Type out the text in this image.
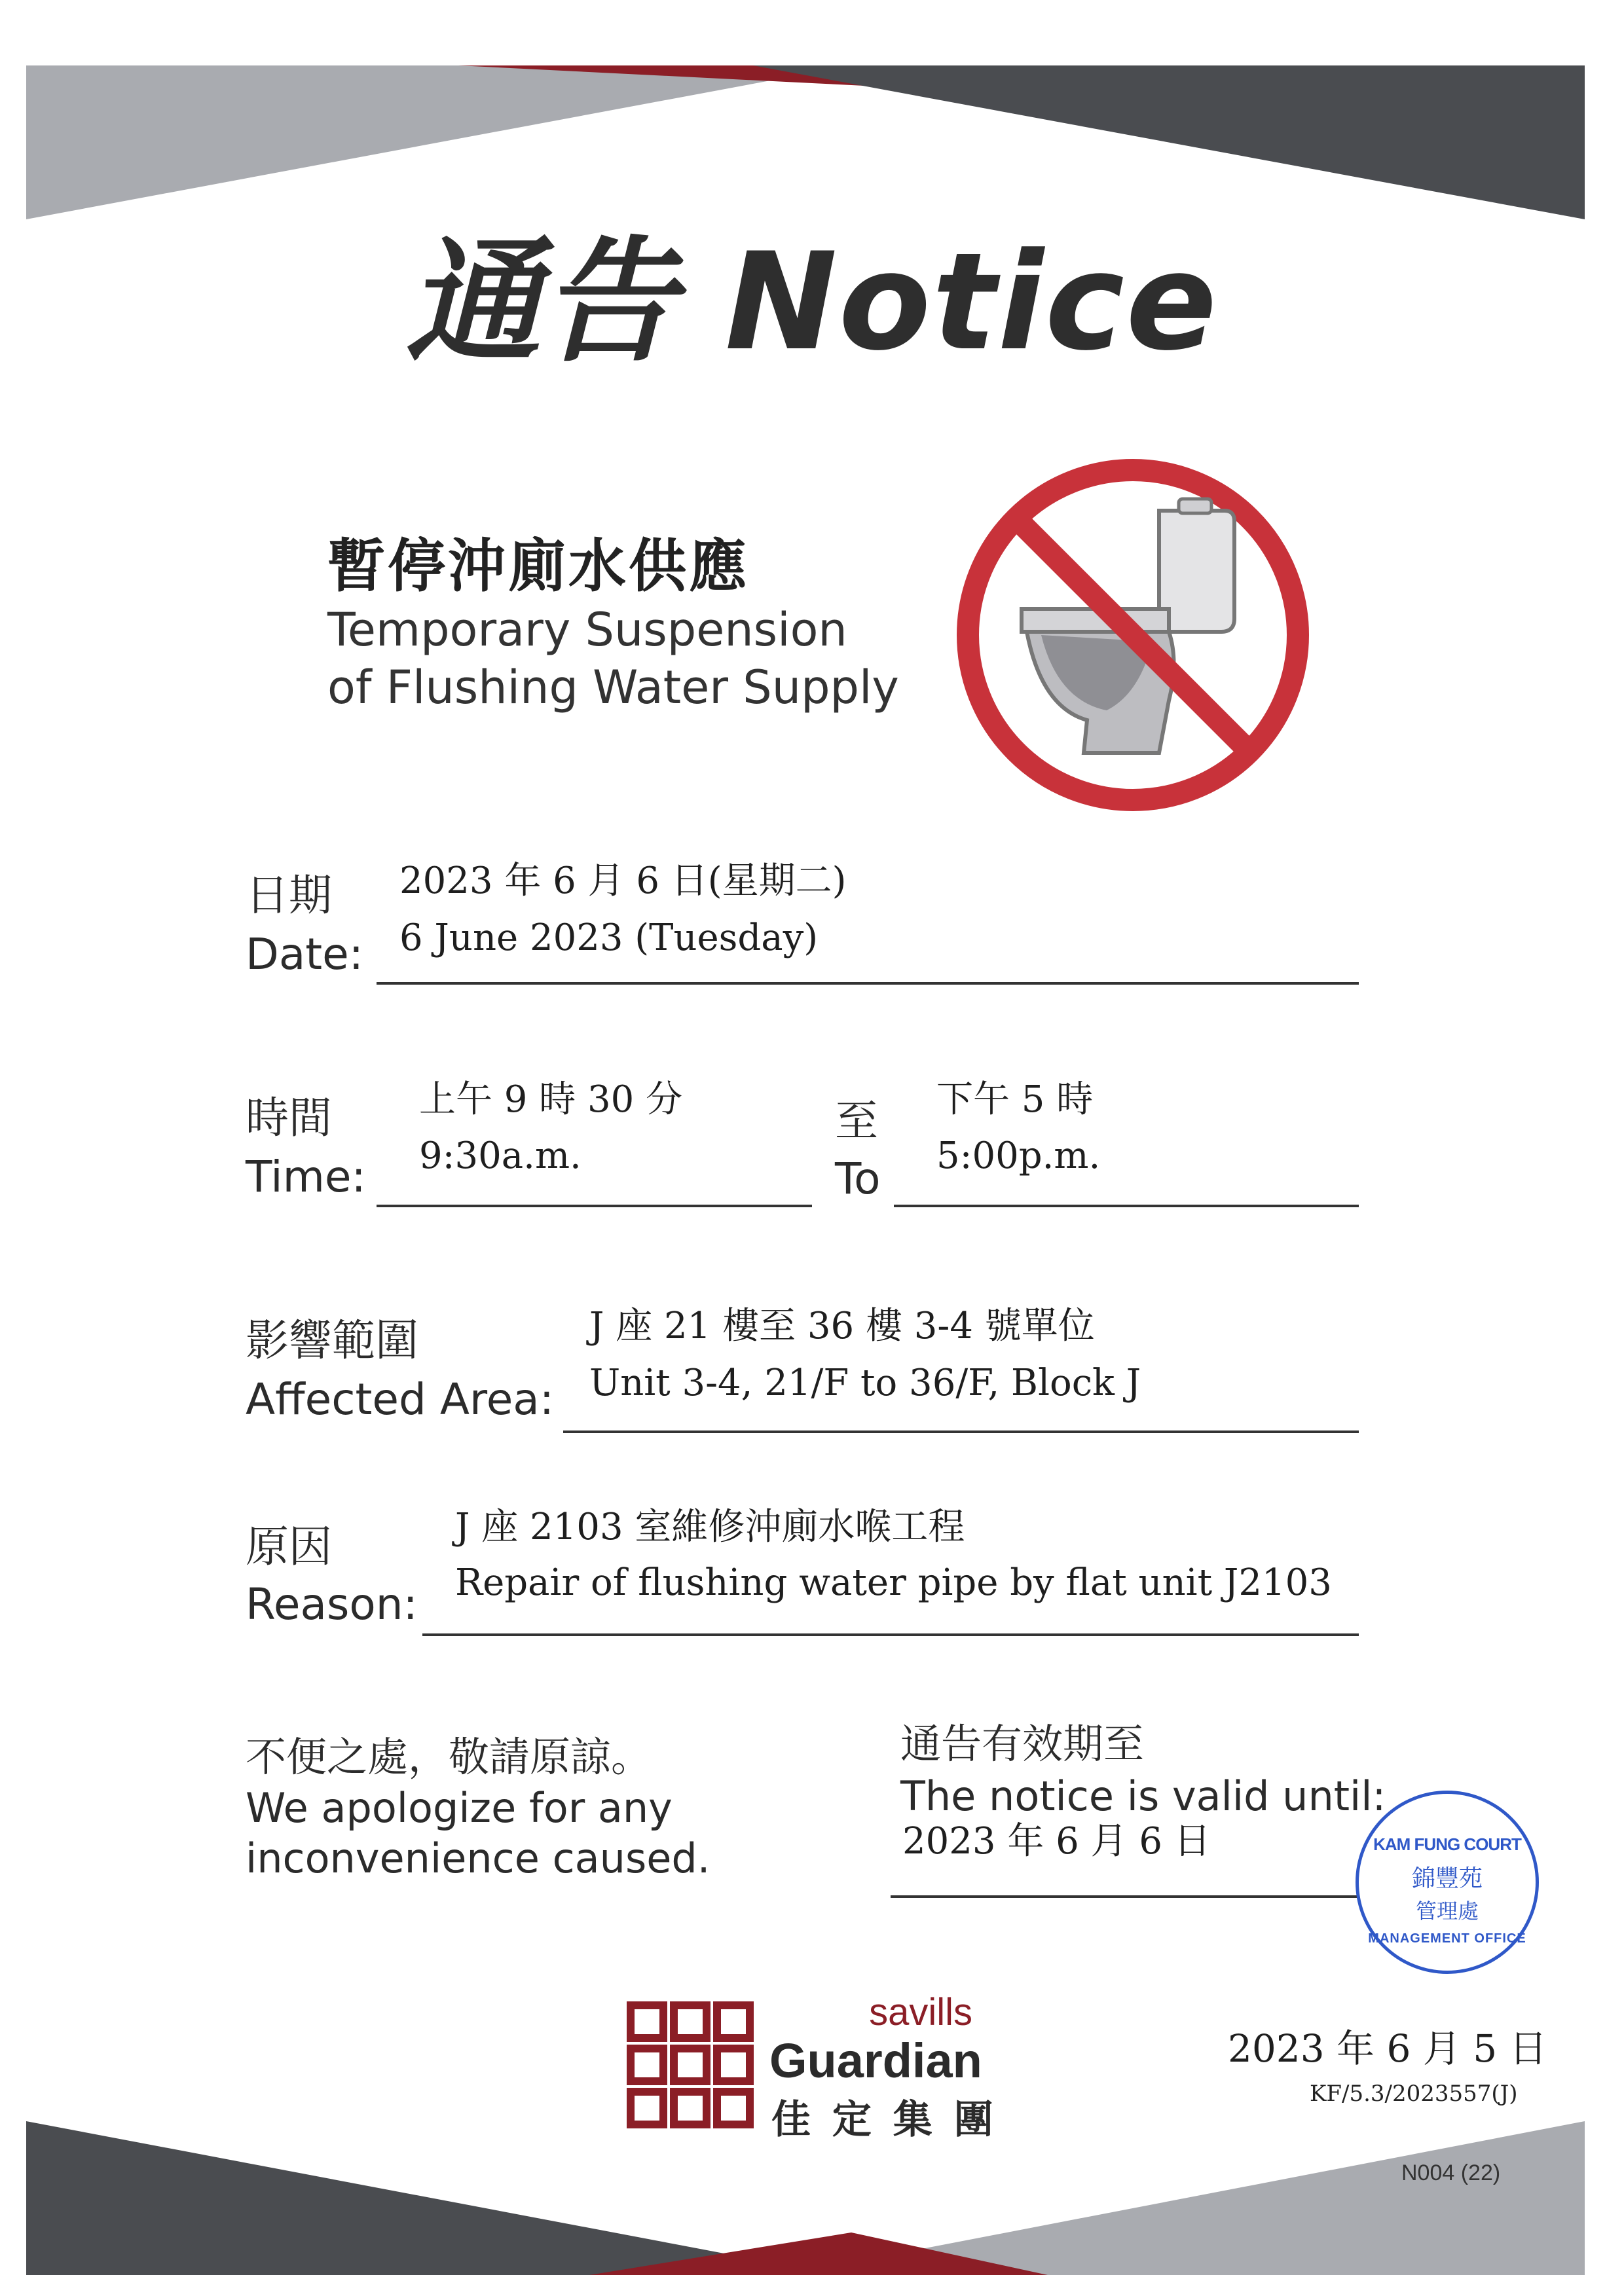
通告 Notice
暫停沖廁水供應
Temporary Suspension
of Flushing Water Supply
日期
Date:
2023 年 6 月 6 日(星期二)
6 June 2023 (Tuesday)
時間
Time:
上午 9 時 30 分
9:30a.m.
至
To
下午 5 時
5:00p.m.
影響範圍
Affected Area:
J 座 21 樓至 36 樓 3-4 號單位
Unit 3-4, 21/F to 36/F, Block J
原因
Reason:
J 座 2103 室維修沖廁水喉工程
Repair of flushing water pipe by flat unit J2103
不便之處，敬請原諒。
We apologize for any
inconvenience caused.
通告有效期至
The notice is valid until:
2023 年 6 月 6 日	KAM FUNG COURT
錦豐苑
管理處
MANAGEMENT OFFICE
savills
Guardian
佳 定 集 團
2023 年 6 月 5 日
KF/5.3/2023557(J)
N004 (22)
